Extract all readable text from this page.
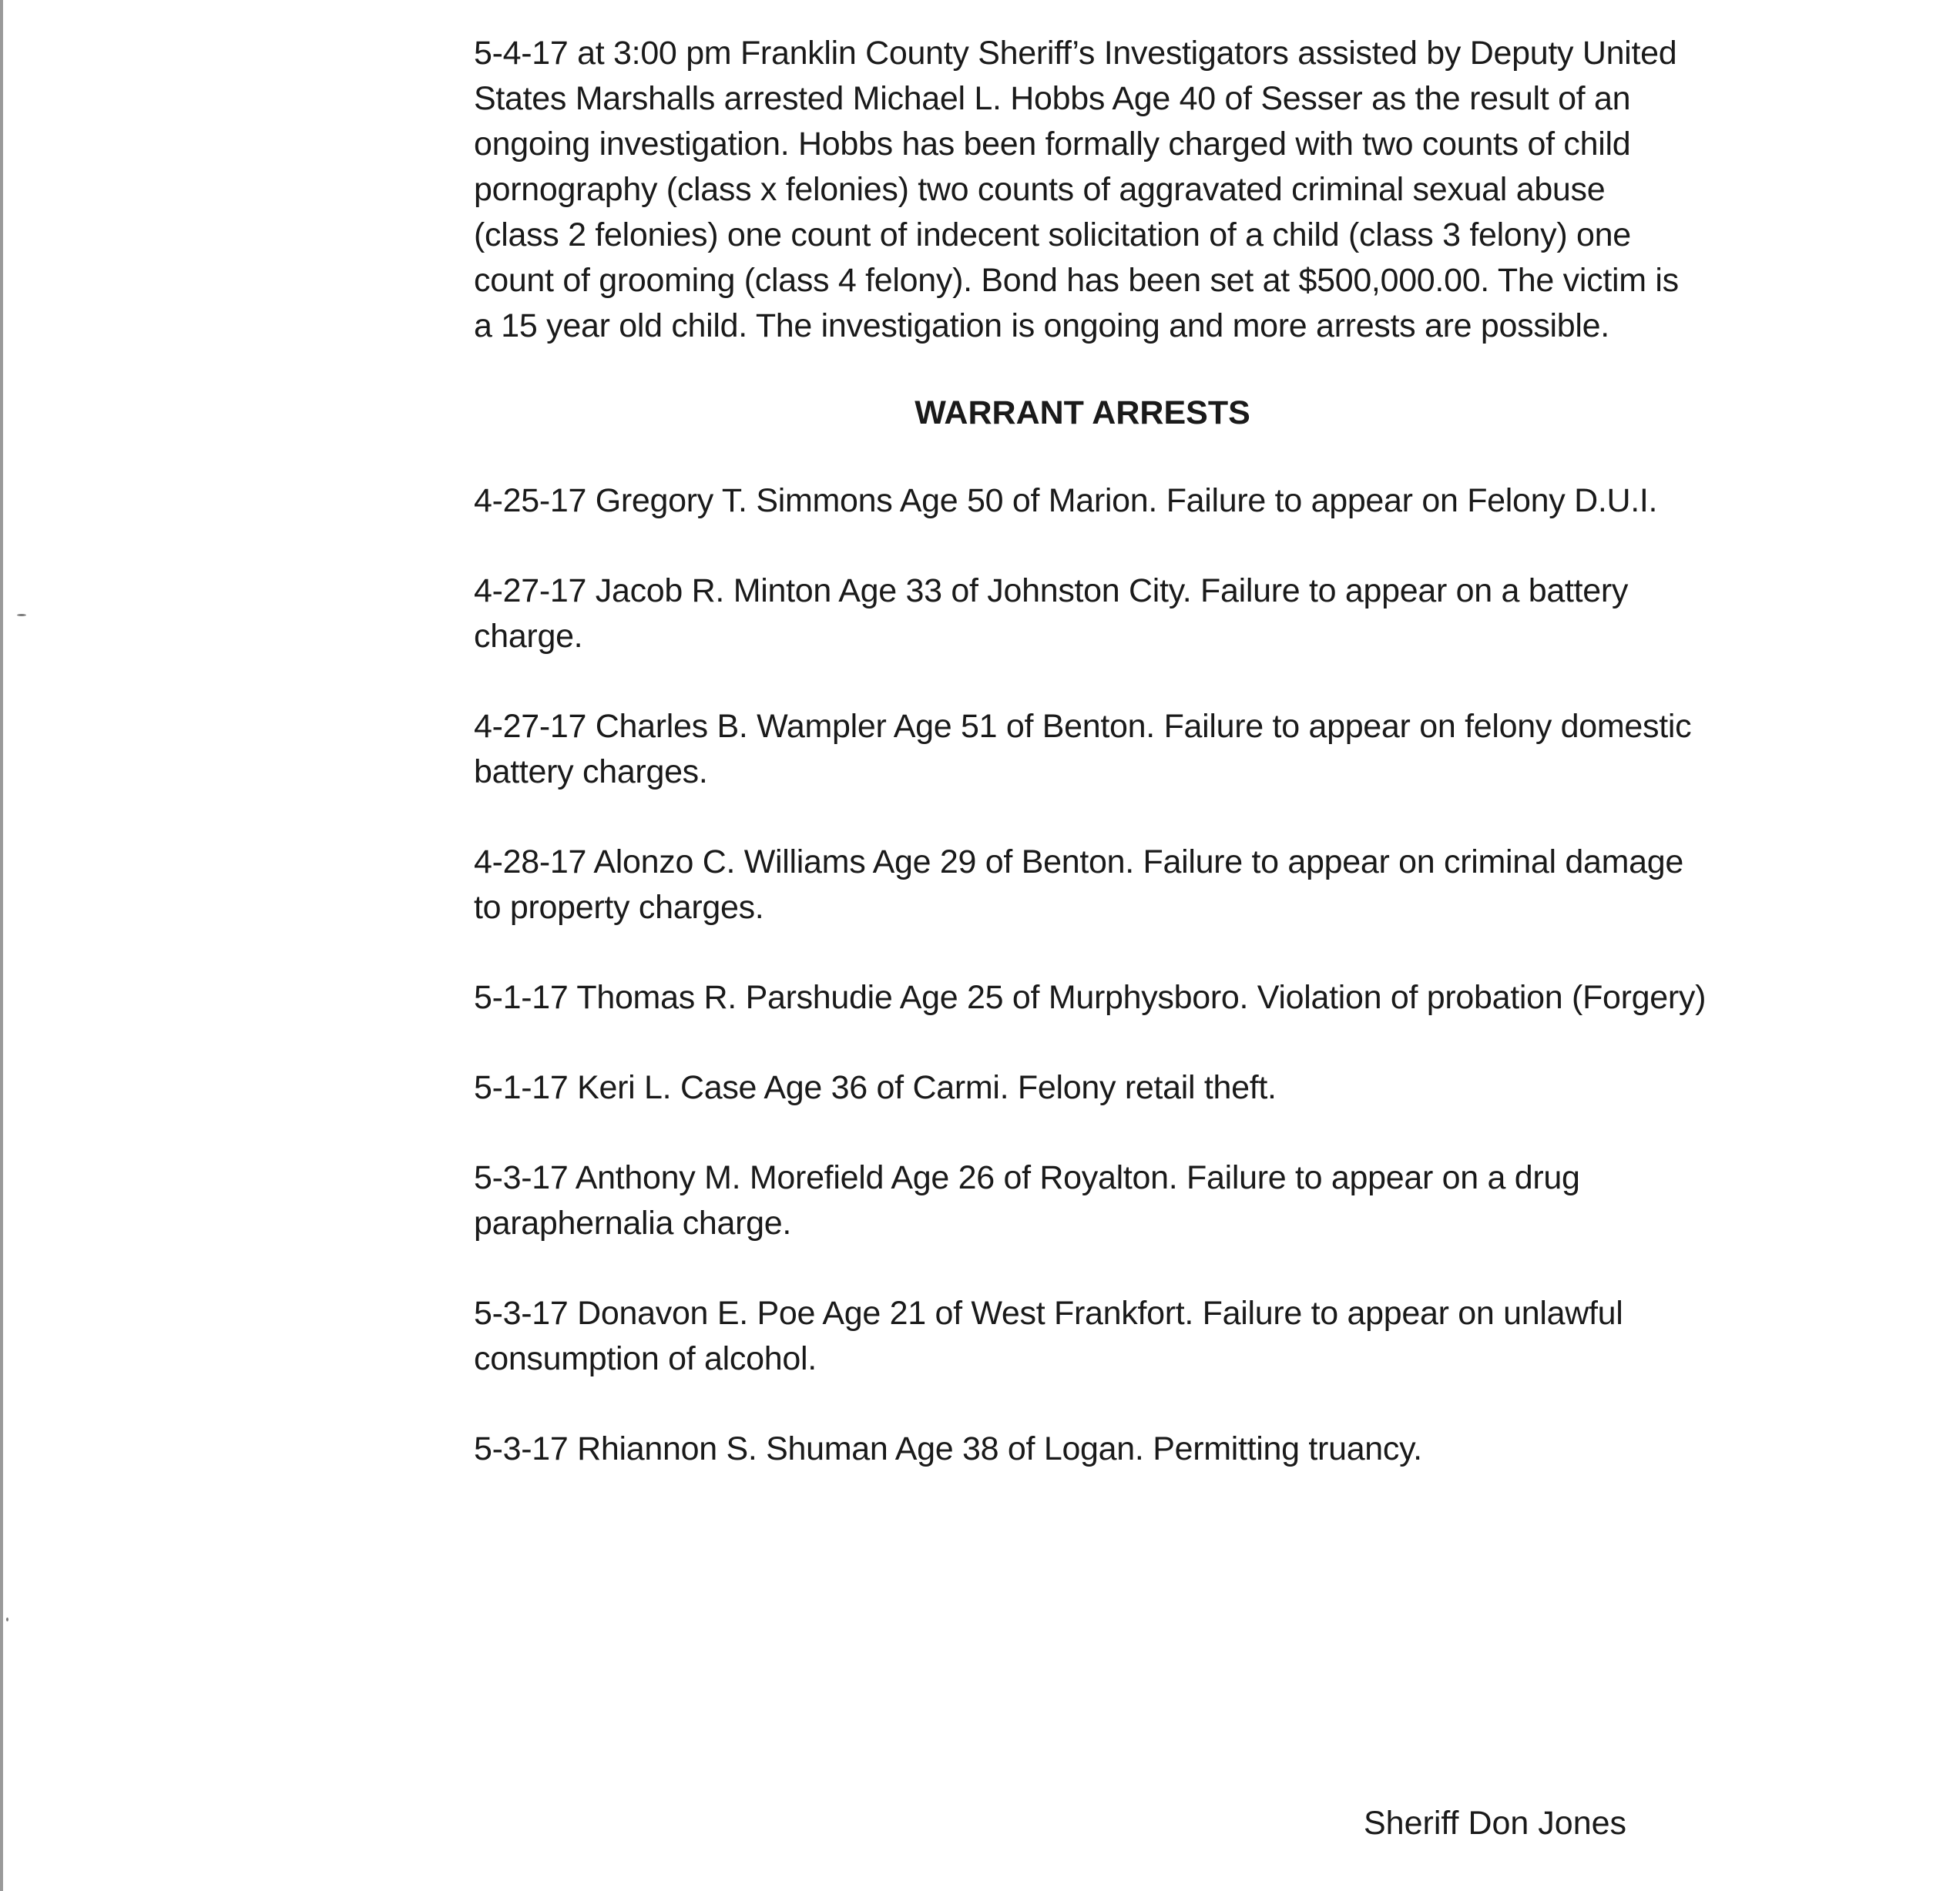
5-4-17 at 3:00 pm Franklin County Sheriff’s Investigators assisted by Deputy United States Marshalls arrested Michael L. Hobbs Age 40 of Sesser as the result of an ongoing investigation. Hobbs has been formally charged with two counts of child pornography (class x felonies) two counts of aggravated criminal sexual abuse (class 2 felonies) one count of indecent solicitation of a child (class 3 felony) one count of grooming (class 4 felony). Bond has been set at $500,000.00. The victim is a 15 year old child. The investigation is ongoing and more arrests are possible.

WARRANT ARRESTS

4-25-17 Gregory T. Simmons Age 50 of Marion. Failure to appear on Felony D.U.I.

4-27-17 Jacob R. Minton Age 33 of Johnston City. Failure to appear on a battery charge.

4-27-17 Charles B. Wampler Age 51 of Benton. Failure to appear on felony domestic battery charges.

4-28-17 Alonzo C. Williams Age 29 of Benton. Failure to appear on criminal damage to property charges.

5-1-17 Thomas R. Parshudie Age 25 of Murphysboro. Violation of probation (Forgery)

5-1-17 Keri L. Case Age 36 of Carmi. Felony retail theft.

5-3-17 Anthony M. Morefield Age 26 of Royalton. Failure to appear on a drug paraphernalia charge.

5-3-17 Donavon E. Poe Age 21 of West Frankfort. Failure to appear on unlawful consumption of alcohol.

5-3-17 Rhiannon S. Shuman Age 38 of Logan. Permitting truancy.

Sheriff Don Jones
